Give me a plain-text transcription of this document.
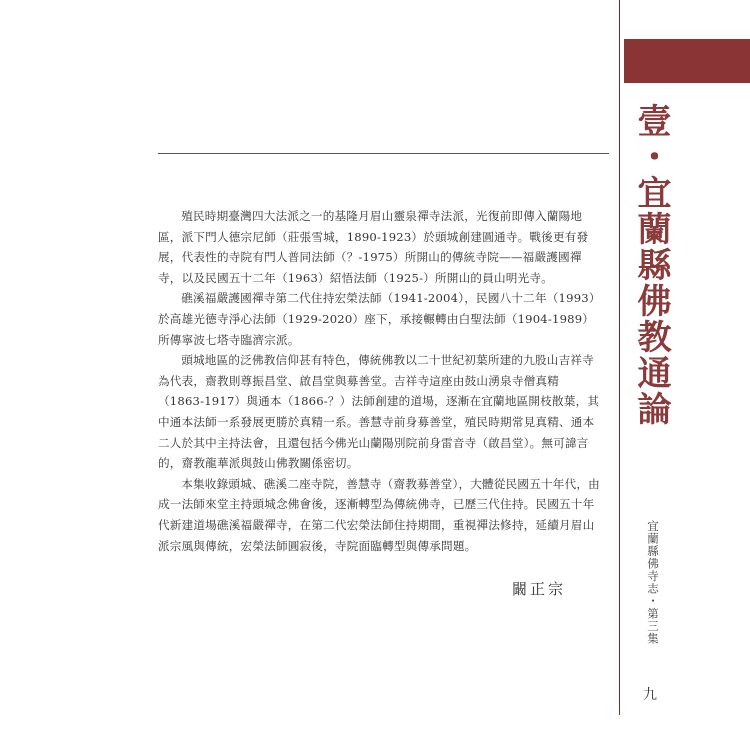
殖民時期臺灣四大法派之一的基隆月眉山靈泉禪寺法派，光復前即傳入蘭陽地區，派下門人德宗尼師（莊張雪城，1890-1923）於頭城創建圓通寺。戰後更有發展，代表性的寺院有門人普同法師（？-1975）所開山的傳統寺院——福嚴護國禪寺，以及民國五十二年（1963）紹悟法師（1925-）所開山的員山明光寺。

礁溪福嚴護國禪寺第二代住持宏榮法師（1941-2004），民國八十二年（1993）於高雄光德寺淨心法師（1929-2020）座下，承接輾轉由白聖法師（1904-1989）所傳寧波七塔寺臨濟宗派。

頭城地區的泛佛教信仰甚有特色，傳統佛教以二十世紀初葉所建的九股山吉祥寺為代表，齋教則尊振昌堂、啟昌堂與募善堂。吉祥寺這座由鼓山湧泉寺僧真精（1863-1917）與通本（1866-？）法師創建的道場，逐漸在宜蘭地區開枝散葉，其中通本法師一系發展更勝於真精一系。善慧寺前身募善堂，殖民時期常見真精、通本二人於其中主持法會，且還包括今佛光山蘭陽別院前身雷音寺（啟昌堂）。無可諱言的，齋教龍華派與鼓山佛教關係密切。

本集收錄頭城、礁溪二座寺院，善慧寺（齋教募善堂），大體從民國五十年代，由成一法師來堂主持頭城念佛會後，逐漸轉型為傳統佛寺，已歷三代住持。民國五十年代新建道場礁溪福嚴禪寺，在第二代宏榮法師住持期間，重視禪法修持，延續月眉山派宗風與傳統，宏榮法師圓寂後，寺院面臨轉型與傳承問題。

闞正宗
壹・宜蘭縣佛教通論
宜蘭縣佛寺志・第三集
九
